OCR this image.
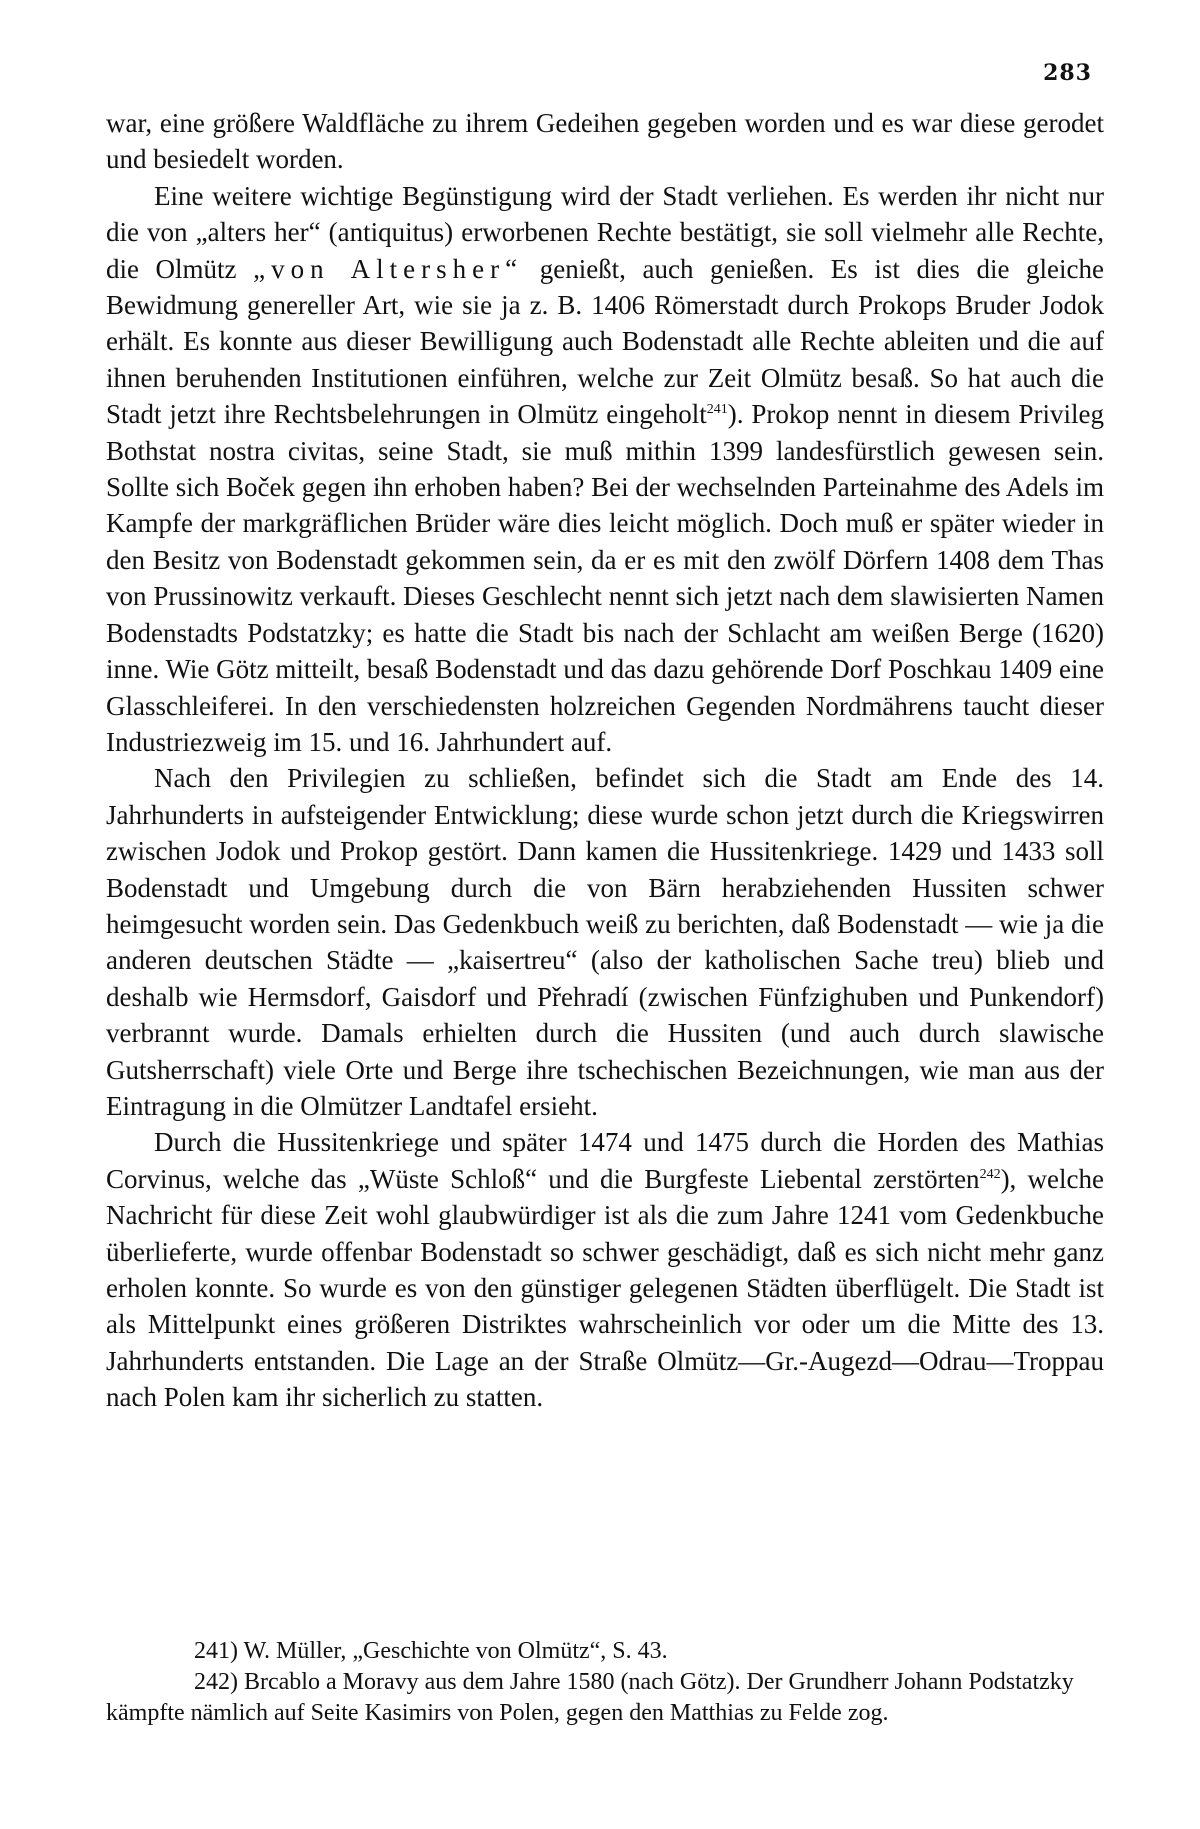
283

war, eine größere Waldfläche zu ihrem Gedeihen gegeben worden und es war diese gerodet und besiedelt worden.

Eine weitere wichtige Begünstigung wird der Stadt verliehen. Es werden ihr nicht nur die von „alters her“ (antiquitus) erworbenen Rechte bestätigt, sie soll vielmehr alle Rechte, die Olmütz „von Altersher“ genießt, auch genießen. Es ist dies die gleiche Bewidmung genereller Art, wie sie ja z. B. 1406 Römerstadt durch Prokops Bruder Jodok erhält. Es konnte aus dieser Bewilligung auch Bodenstadt alle Rechte ableiten und die auf ihnen beruhenden Institutionen einführen, welche zur Zeit Olmütz besaß. So hat auch die Stadt jetzt ihre Rechtsbelehrungen in Olmütz eingeholt$^{241}$). Prokop nennt in diesem Privileg Bothstat nostra civitas, seine Stadt, sie muß mithin 1399 landesfürstlich gewesen sein. Sollte sich Boček gegen ihn erhoben haben? Bei der wechselnden Parteinahme des Adels im Kampfe der markgräflichen Brüder wäre dies leicht möglich. Doch muß er später wieder in den Besitz von Bodenstadt gekommen sein, da er es mit den zwölf Dörfern 1408 dem Thas von Prussinowitz verkauft. Dieses Geschlecht nennt sich jetzt nach dem slawisierten Namen Bodenstadts Podstatzky; es hatte die Stadt bis nach der Schlacht am weißen Berge (1620) inne. Wie Götz mitteilt, besaß Bodenstadt und das dazu gehörende Dorf Poschkau 1409 eine Glasschleiferei. In den verschiedensten holzreichen Gegenden Nordmährens taucht dieser Industriezweig im 15. und 16. Jahrhundert auf.

Nach den Privilegien zu schließen, befindet sich die Stadt am Ende des 14. Jahrhunderts in aufsteigender Entwicklung; diese wurde schon jetzt durch die Kriegswirren zwischen Jodok und Prokop gestört. Dann kamen die Hussitenkriege. 1429 und 1433 soll Bodenstadt und Umgebung durch die von Bärn herabziehenden Hussiten schwer heimgesucht worden sein. Das Gedenkbuch weiß zu berichten, daß Bodenstadt — wie ja die anderen deutschen Städte — „kaisertreu“ (also der katholischen Sache treu) blieb und deshalb wie Hermsdorf, Gaisdorf und Přehradí (zwischen Fünfzighuben und Punkendorf) verbrannt wurde. Damals erhielten durch die Hussiten (und auch durch slawische Gutsherrschaft) viele Orte und Berge ihre tschechischen Bezeichnungen, wie man aus der Eintragung in die Olmützer Landtafel ersieht.

Durch die Hussitenkriege und später 1474 und 1475 durch die Horden des Mathias Corvinus, welche das „Wüste Schloß“ und die Burgfeste Liebental zerstörten$^{242}$), welche Nachricht für diese Zeit wohl glaubwürdiger ist als die zum Jahre 1241 vom Gedenkbuche überlieferte, wurde offenbar Bodenstadt so schwer geschädigt, daß es sich nicht mehr ganz erholen konnte. So wurde es von den günstiger gelegenen Städten überflügelt. Die Stadt ist als Mittelpunkt eines größeren Distriktes wahrscheinlich vor oder um die Mitte des 13. Jahrhunderts entstanden. Die Lage an der Straße Olmütz—Gr.-Augezd—Odrau—Troppau nach Polen kam ihr sicherlich zu statten.

241) W. Müller, „Geschichte von Olmütz“, S. 43.

242) Brcablo a Moravy aus dem Jahre 1580 (nach Götz). Der Grundherr Johann Podstatzky kämpfte nämlich auf Seite Kasimirs von Polen, gegen den Matthias zu Felde zog.
